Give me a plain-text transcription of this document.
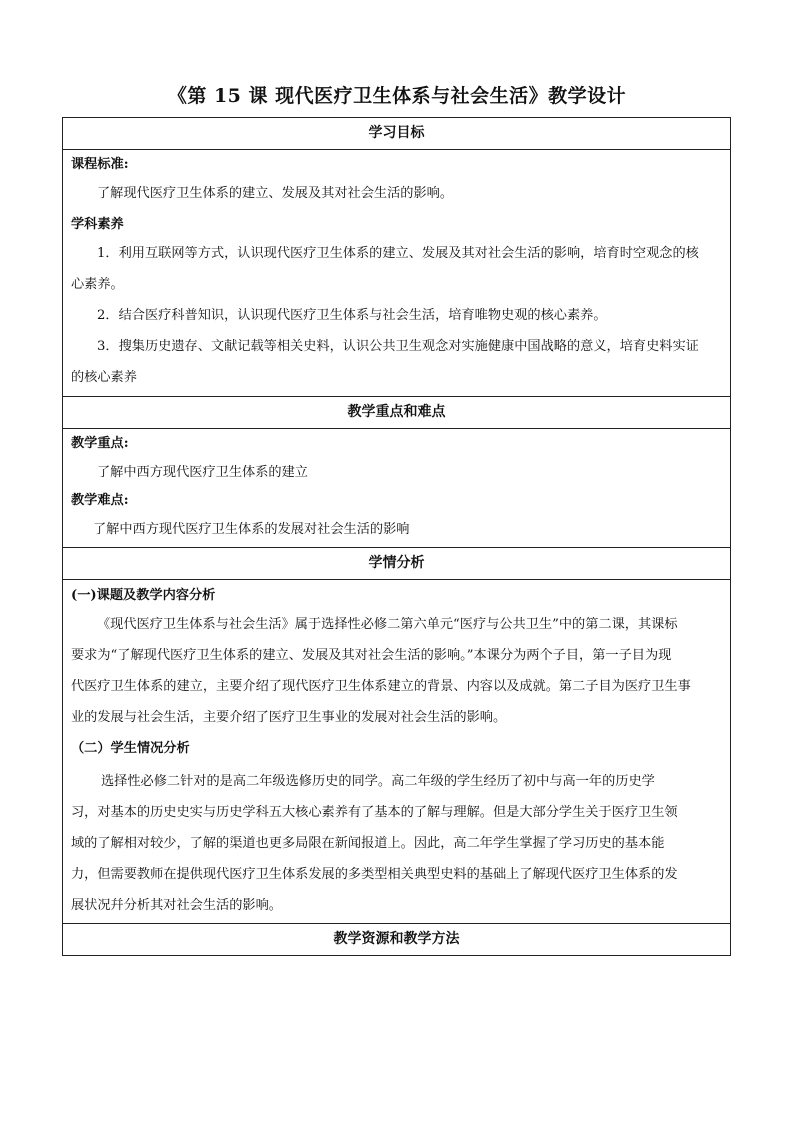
《第 15 课 现代医疗卫生体系与社会生活》教学设计
学习目标
课程标准:

了解现代医疗卫生体系的建立、发展及其对社会生活的影响。

学科素养

1．利用互联网等方式，认识现代医疗卫生体系的建立、发展及其对社会生活的影响，培育时空观念的核

心素养。

2．结合医疗科普知识，认识现代医疗卫生体系与社会生活，培育唯物史观的核心素养。

3．搜集历史遗存、文献记载等相关史料，认识公共卫生观念对实施健康中国战略的意义，培育史料实证

的核心素养

教学重点和难点
教学重点:

了解中西方现代医疗卫生体系的建立

教学难点:

了解中西方现代医疗卫生体系的发展对社会生活的影响

学情分析
(一)课题及教学内容分析

《现代医疗卫生体系与社会生活》属于选择性必修二第六单元“医疗与公共卫生”中的第二课，其课标

要求为“了解现代医疗卫生体系的建立、发展及其对社会生活的影响。”本课分为两个子目，第一子目为现

代医疗卫生体系的建立，主要介绍了现代医疗卫生体系建立的背景、内容以及成就。第二子目为医疗卫生事

业的发展与社会生活，主要介绍了医疗卫生事业的发展对社会生活的影响。

（二）学生情况分析

选择性必修二针对的是高二年级选修历史的同学。高二年级的学生经历了初中与高一年的历史学

习，对基本的历史史实与历史学科五大核心素养有了基本的了解与理解。但是大部分学生关于医疗卫生领

域的了解相对较少，了解的渠道也更多局限在新闻报道上。因此，高二年学生掌握了学习历史的基本能

力，但需要教师在提供现代医疗卫生体系发展的多类型相关典型史料的基础上了解现代医疗卫生体系的发

展状况幷分析其对社会生活的影响。

教学资源和教学方法
